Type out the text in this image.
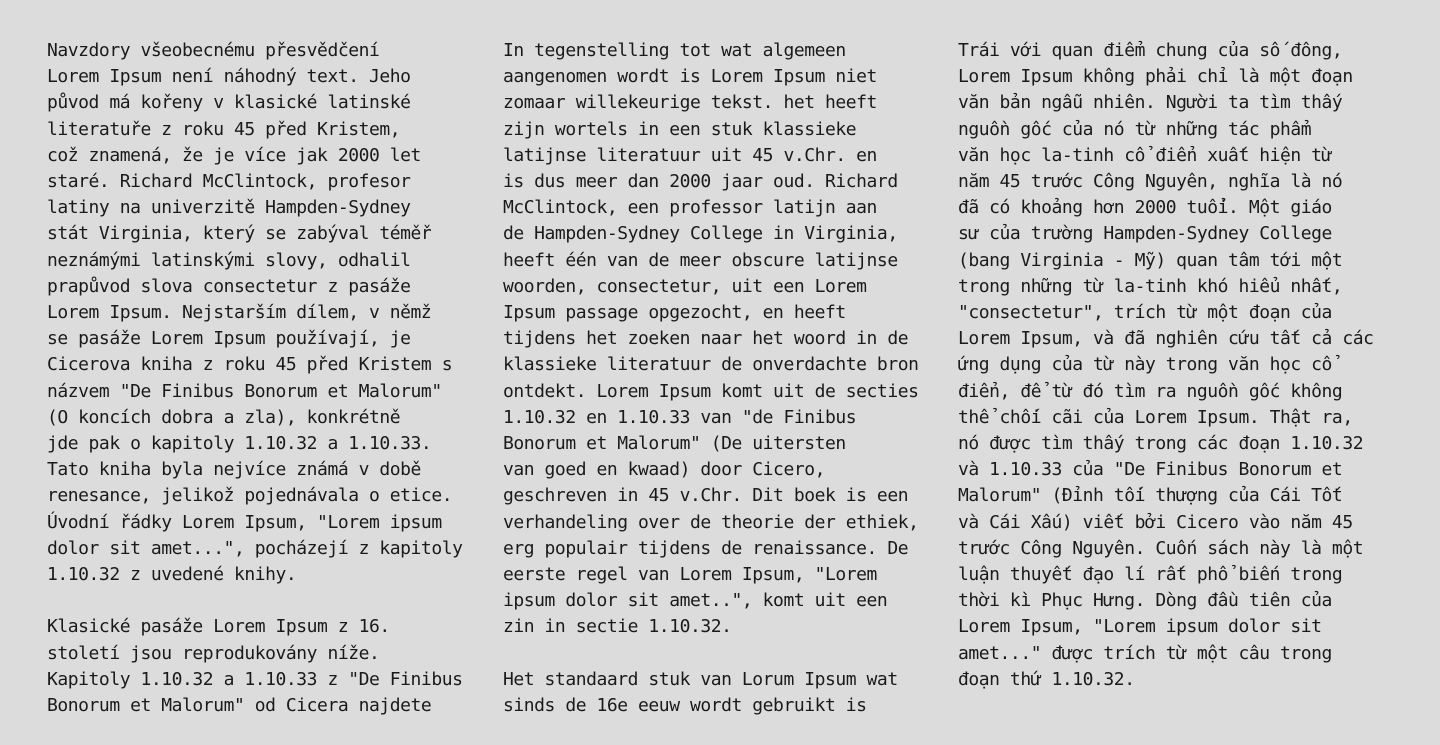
Navzdory všeobecnému přesvědčení
Lorem Ipsum není náhodný text. Jeho
původ má kořeny v klasické latinské
literatuře z roku 45 před Kristem,
což znamená, že je více jak 2000 let
staré. Richard McClintock, profesor
latiny na univerzitě Hampden-Sydney
stát Virginia, který se zabýval téměř
neznámými latinskými slovy, odhalil
prapůvod slova consectetur z pasáže
Lorem Ipsum. Nejstarším dílem, v němž
se pasáže Lorem Ipsum používají, je
Cicerova kniha z roku 45 před Kristem s
názvem "De Finibus Bonorum et Malorum"
(O koncích dobra a zla), konkrétně
jde pak o kapitoly 1.10.32 a 1.10.33.
Tato kniha byla nejvíce známá v době
renesance, jelikož pojednávala o etice.
Úvodní řádky Lorem Ipsum, "Lorem ipsum
dolor sit amet...", pocházejí z kapitoly
1.10.32 z uvedené knihy.
Klasické pasáže Lorem Ipsum z 16.
století jsou reprodukovány níže.
Kapitoly 1.10.32 a 1.10.33 z "De Finibus
Bonorum et Malorum" od Cicera najdete
In tegenstelling tot wat algemeen
aangenomen wordt is Lorem Ipsum niet
zomaar willekeurige tekst. het heeft
zijn wortels in een stuk klassieke
latijnse literatuur uit 45 v.Chr. en
is dus meer dan 2000 jaar oud. Richard
McClintock, een professor latijn aan
de Hampden-Sydney College in Virginia,
heeft één van de meer obscure latijnse
woorden, consectetur, uit een Lorem
Ipsum passage opgezocht, en heeft
tijdens het zoeken naar het woord in de
klassieke literatuur de onverdachte bron
ontdekt. Lorem Ipsum komt uit de secties
1.10.32 en 1.10.33 van "de Finibus
Bonorum et Malorum" (De uitersten
van goed en kwaad) door Cicero,
geschreven in 45 v.Chr. Dit boek is een
verhandeling over de theorie der ethiek,
erg populair tijdens de renaissance. De
eerste regel van Lorem Ipsum, "Lorem
ipsum dolor sit amet..", komt uit een
zin in sectie 1.10.32.
Het standaard stuk van Lorum Ipsum wat
sinds de 16e eeuw wordt gebruikt is
Trái với quan điểm chung của số đông,
Lorem Ipsum không phải chỉ là một đoạn
văn bản ngẫu nhiên. Người ta tìm thấy
nguồn gốc của nó từ những tác phẩm
văn học la-tinh cổ điển xuất hiện từ
năm 45 trước Công Nguyên, nghĩa là nó
đã có khoảng hơn 2000 tuổi. Một giáo
sư của trường Hampden-Sydney College
(bang Virginia - Mỹ) quan tâm tới một
trong những từ la-tinh khó hiểu nhất,
"consectetur", trích từ một đoạn của
Lorem Ipsum, và đã nghiên cứu tất cả các
ứng dụng của từ này trong văn học cổ
điển, để từ đó tìm ra nguồn gốc không
thể chối cãi của Lorem Ipsum. Thật ra,
nó được tìm thấy trong các đoạn 1.10.32
và 1.10.33 của "De Finibus Bonorum et
Malorum" (Đỉnh tối thượng của Cái Tốt
và Cái Xấu) viết bởi Cicero vào năm 45
trước Công Nguyên. Cuốn sách này là một
luận thuyết đạo lí rất phổ biến trong
thời kì Phục Hưng. Dòng đầu tiên của
Lorem Ipsum, "Lorem ipsum dolor sit
amet..." được trích từ một câu trong
đoạn thứ 1.10.32.
